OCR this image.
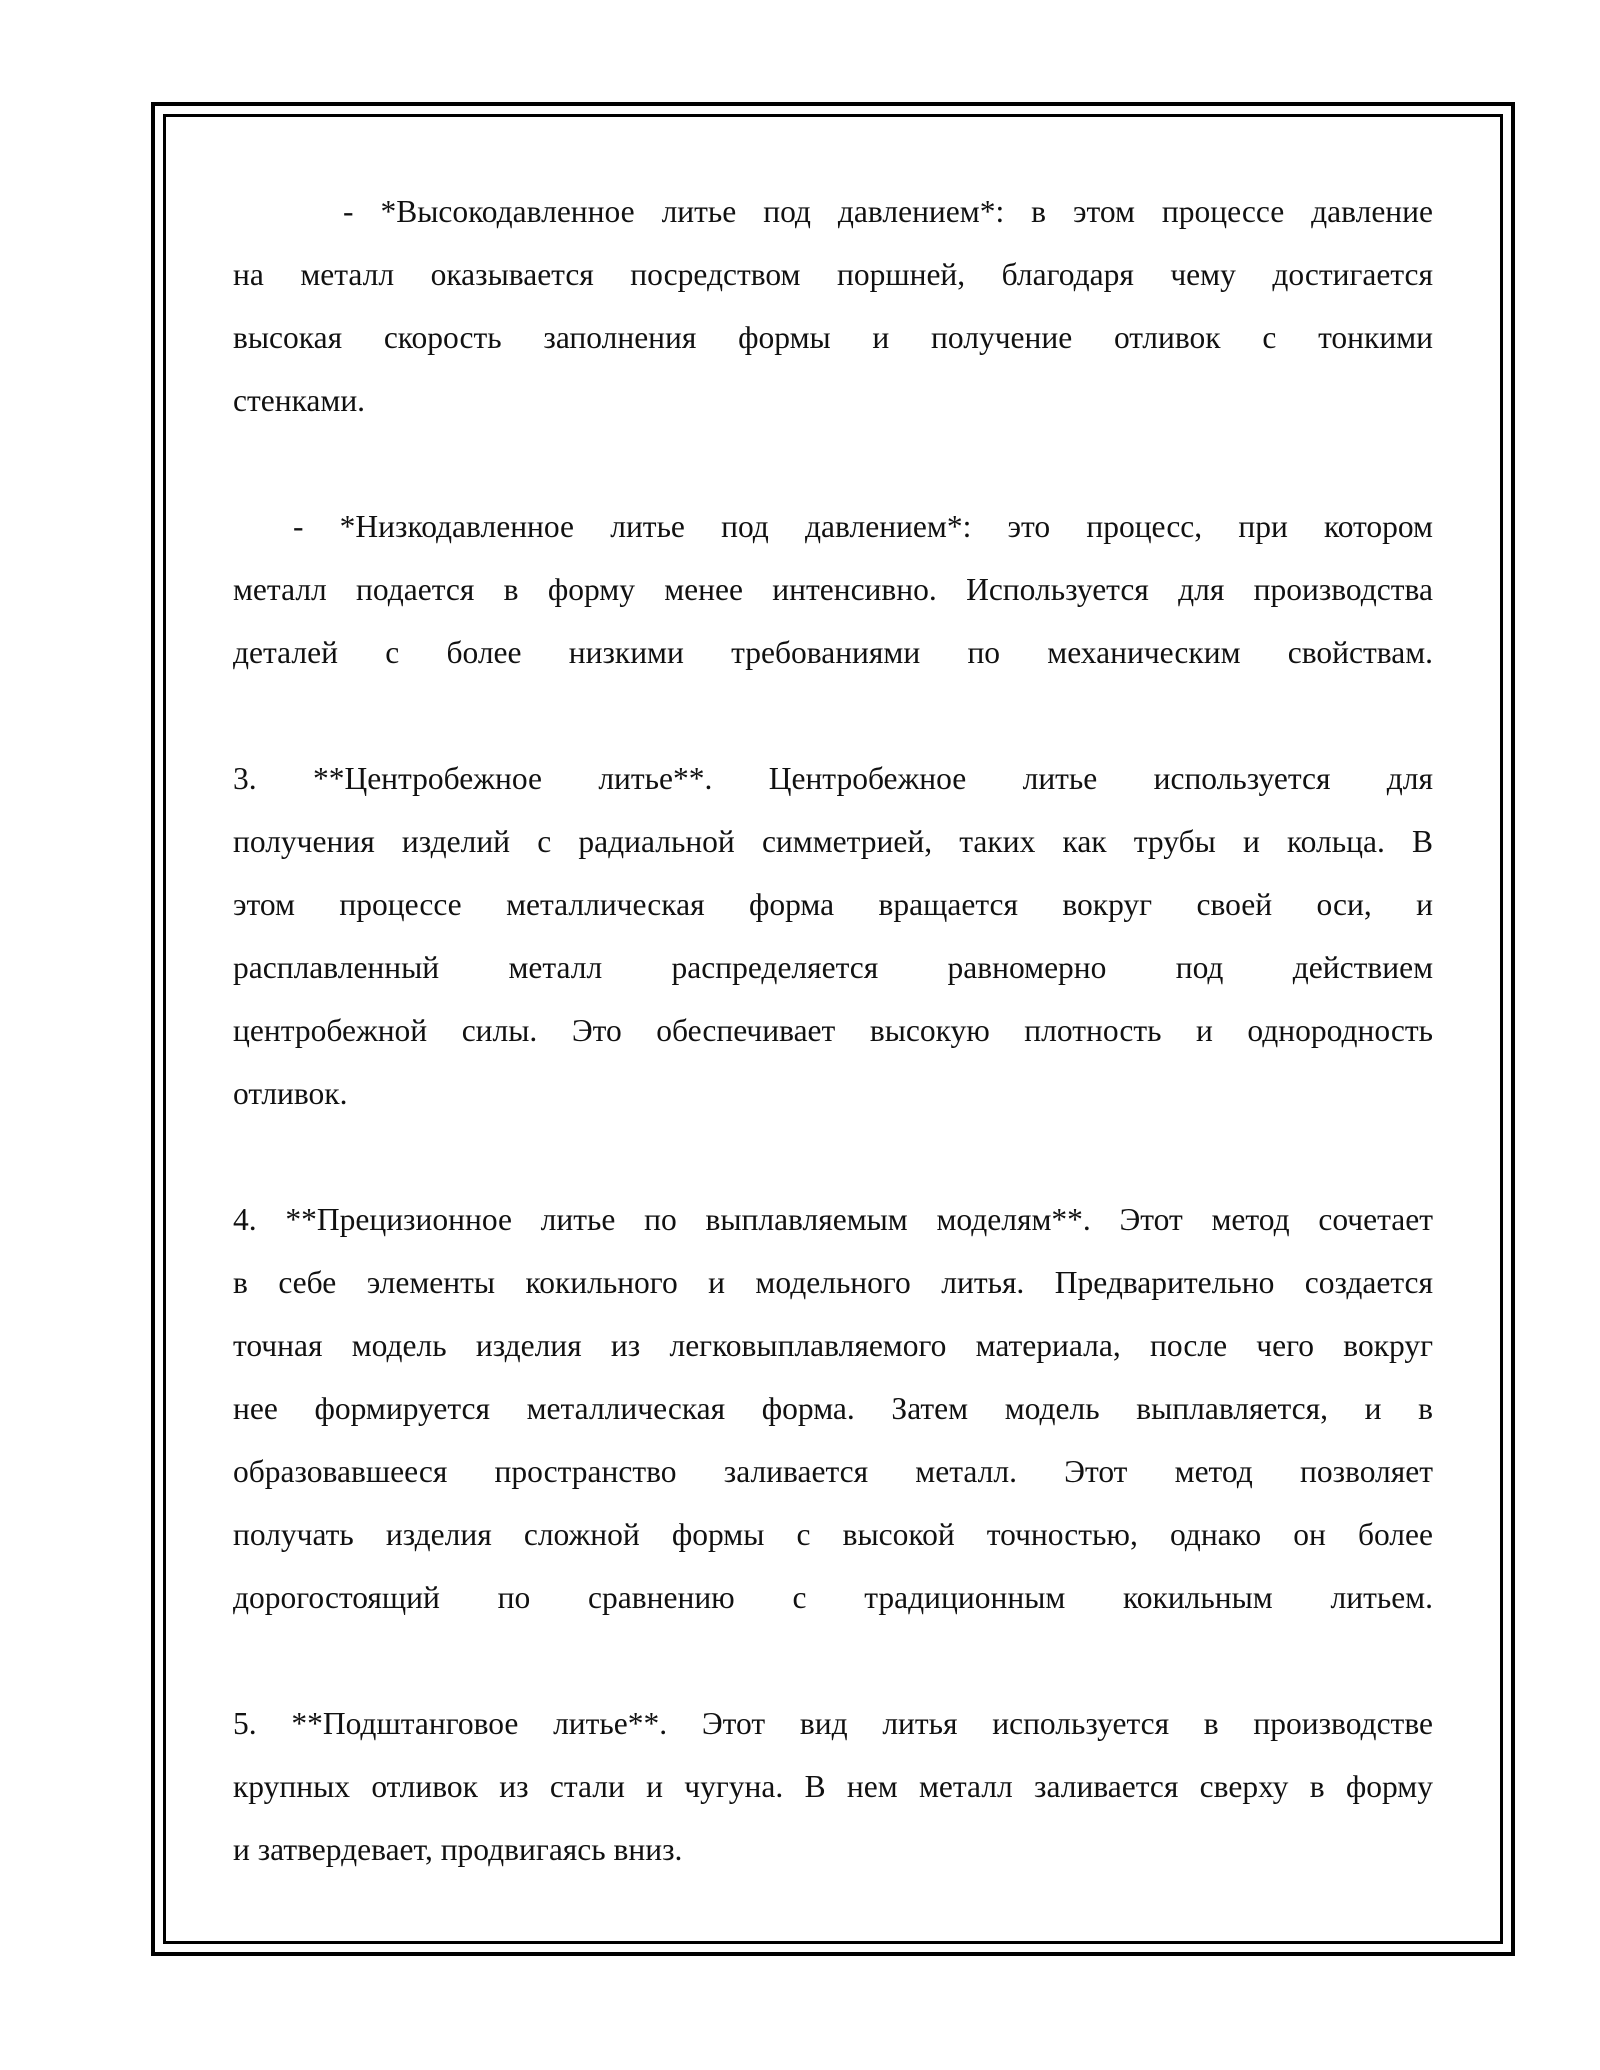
- *Высокодавленное литье под давлением*: в этом процессе давление
на металл оказывается посредством поршней, благодаря чему достигается
высокая скорость заполнения формы и получение отливок с тонкими
стенками.
- *Низкодавленное литье под давлением*: это процесс, при котором
металл подается в форму менее интенсивно. Используется для производства
деталей с более низкими требованиями по механическим свойствам.
3. **Центробежное литье**. Центробежное литье используется для
получения изделий с радиальной симметрией, таких как трубы и кольца. В
этом процессе металлическая форма вращается вокруг своей оси, и
расплавленный металл распределяется равномерно под действием
центробежной силы. Это обеспечивает высокую плотность и однородность
отливок.
4. **Прецизионное литье по выплавляемым моделям**. Этот метод сочетает
в себе элементы кокильного и модельного литья. Предварительно создается
точная модель изделия из легковыплавляемого материала, после чего вокруг
нее формируется металлическая форма. Затем модель выплавляется, и в
образовавшееся пространство заливается металл. Этот метод позволяет
получать изделия сложной формы с высокой точностью, однако он более
дорогостоящий по сравнению с традиционным кокильным литьем.
5. **Подштанговое литье**. Этот вид литья используется в производстве
крупных отливок из стали и чугуна. В нем металл заливается сверху в форму
и затвердевает, продвигаясь вниз.
